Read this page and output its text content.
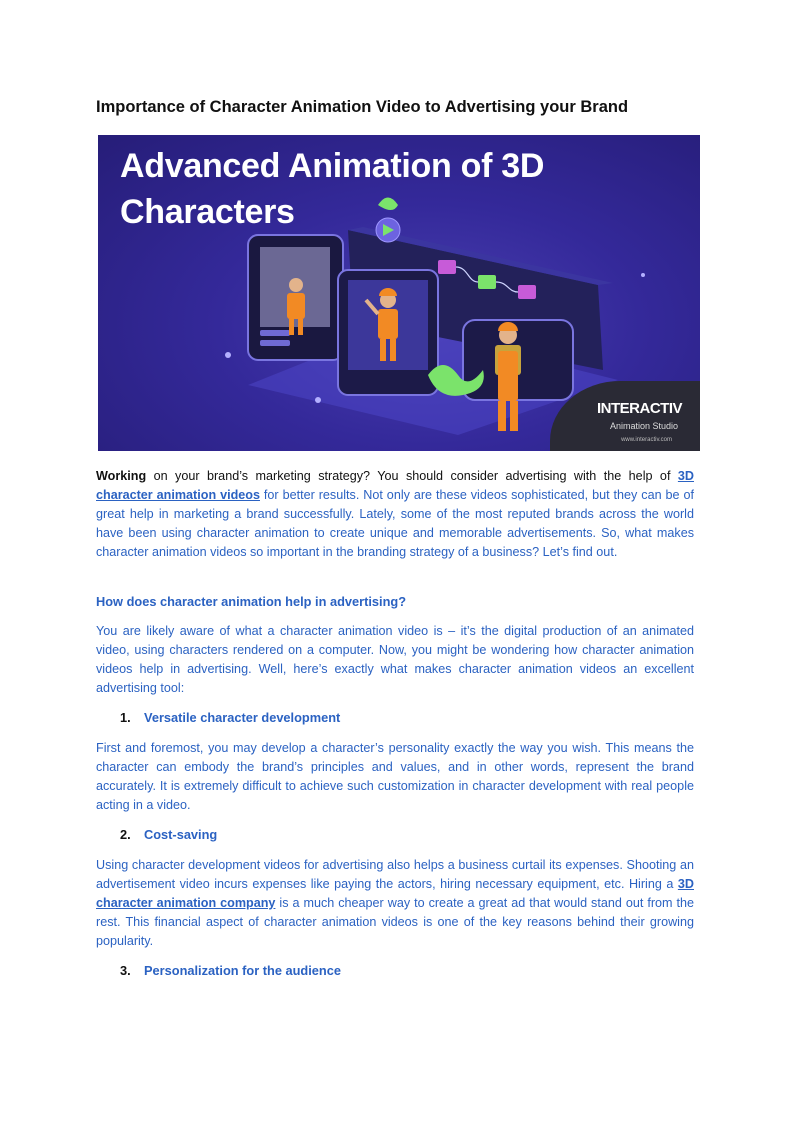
Importance of Character Animation Video to Advertising your Brand
Advanced Animation of 3D
Characters
INTERACTIV
Animation Studio
www.interactiv.com
Working on your brand’s marketing strategy? You should consider advertising with the help of 3D character animation videos for better results. Not only are these videos sophisticated, but they can be of great help in marketing a brand successfully. Lately, some of the most reputed brands across the world have been using character animation to create unique and memorable advertisements. So, what makes character animation videos so important in the branding strategy of a business? Let’s find out.
How does character animation help in advertising?
You are likely aware of what a character animation video is – it’s the digital production of an animated video, using characters rendered on a computer. Now, you might be wondering how character animation videos help in advertising. Well, here’s exactly what makes character animation videos an excellent advertising tool:
1. Versatile character development
First and foremost, you may develop a character’s personality exactly the way you wish. This means the character can embody the brand’s principles and values, and in other words, represent the brand accurately. It is extremely difficult to achieve such customization in character development with real people acting in a video.
2. Cost-saving
Using character development videos for advertising also helps a business curtail its expenses. Shooting an advertisement video incurs expenses like paying the actors, hiring necessary equipment, etc. Hiring a 3D character animation company is a much cheaper way to create a great ad that would stand out from the rest. This financial aspect of character animation videos is one of the key reasons behind their growing popularity.
3. Personalization for the audience
